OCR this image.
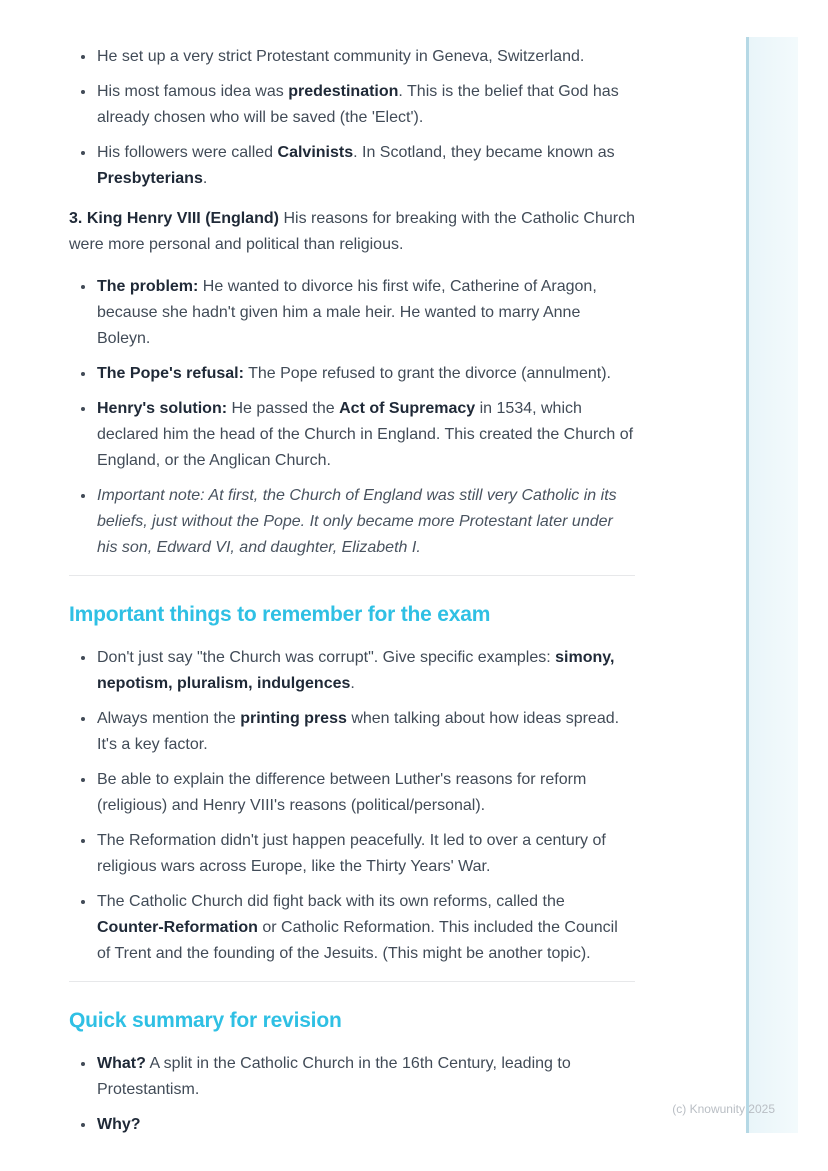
• He set up a very strict Protestant community in Geneva, Switzerland.
• His most famous idea was predestination. This is the belief that God has already chosen who will be saved (the 'Elect').
• His followers were called Calvinists. In Scotland, they became known as Presbyterians.

3. King Henry VIII (England) His reasons for breaking with the Catholic Church were more personal and political than religious.

• The problem: He wanted to divorce his first wife, Catherine of Aragon, because she hadn't given him a male heir. He wanted to marry Anne Boleyn.
• The Pope's refusal: The Pope refused to grant the divorce (annulment).
• Henry's solution: He passed the Act of Supremacy in 1534, which declared him the head of the Church in England. This created the Church of England, or the Anglican Church.
• Important note: At first, the Church of England was still very Catholic in its beliefs, just without the Pope. It only became more Protestant later under his son, Edward VI, and daughter, Elizabeth I.
Important things to remember for the exam
• Don't just say "the Church was corrupt". Give specific examples: simony, nepotism, pluralism, indulgences.
• Always mention the printing press when talking about how ideas spread. It's a key factor.
• Be able to explain the difference between Luther's reasons for reform (religious) and Henry VIII's reasons (political/personal).
• The Reformation didn't just happen peacefully. It led to over a century of religious wars across Europe, like the Thirty Years' War.
• The Catholic Church did fight back with its own reforms, called the Counter-Reformation or Catholic Reformation. This included the Council of Trent and the founding of the Jesuits. (This might be another topic).
Quick summary for revision
• What? A split in the Catholic Church in the 16th Century, leading to Protestantism.
• Why?
(c) Knowunity 2025
